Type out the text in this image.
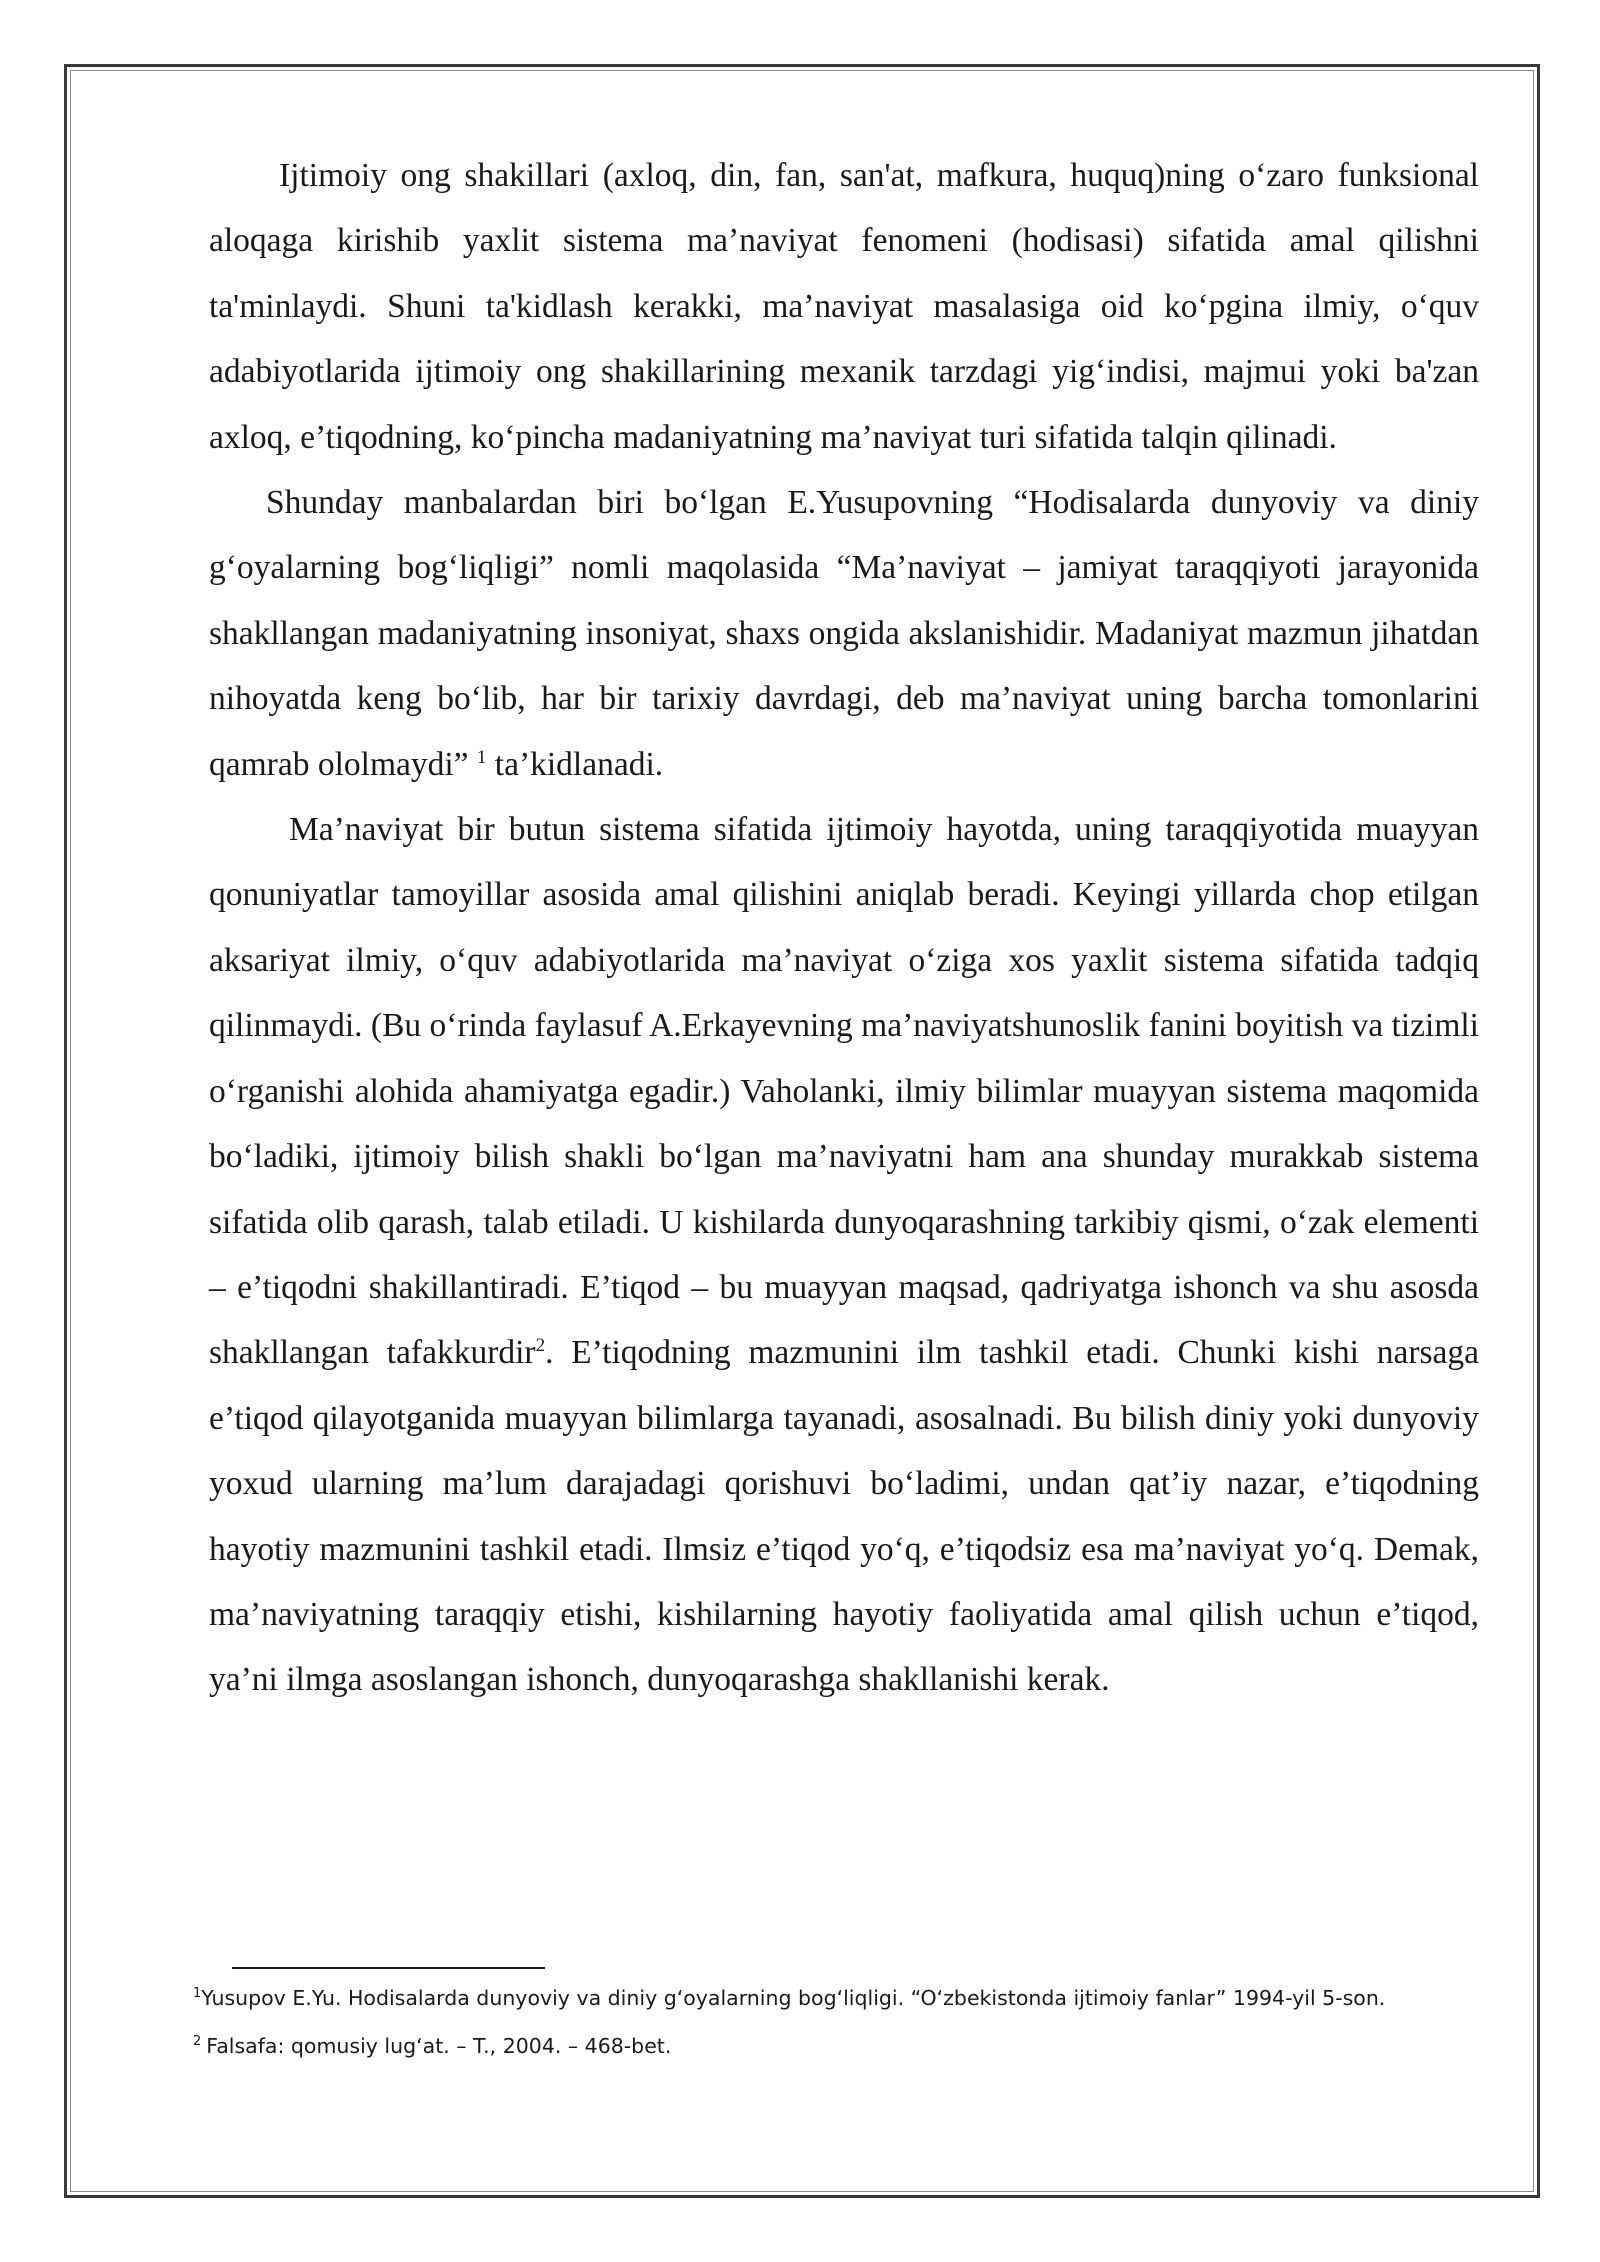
Ijtimoiy ong shakillari (axloq, din, fan, san'at, mafkura, huquq)ning o‘zaro funksional aloqaga kirishib yaxlit sistema ma’naviyat fenomeni (hodisasi) sifatida amal qilishni ta'minlaydi. Shuni ta'kidlash kerakki, ma’naviyat masalasiga oid ko‘pgina ilmiy, o‘quv adabiyotlarida ijtimoiy ong shakillarining mexanik tarzdagi yig‘indisi, majmui yoki ba'zan axloq, e’tiqodning, ko‘pincha madaniyatning ma’naviyat turi sifatida talqin qilinadi.

Shunday manbalardan biri bo‘lgan E.Yusupovning “Hodisalarda dunyoviy va diniy g‘oyalarning bog‘liqligi” nomli maqolasida “Ma’naviyat – jamiyat taraqqiyoti jarayonida shakllangan madaniyatning insoniyat, shaxs ongida akslanishidir. Madaniyat mazmun jihatdan nihoyatda keng bo‘lib, har bir tarixiy davrdagi, deb ma’naviyat uning barcha tomonlarini qamrab ololmaydi” $^1$ ta’kidlanadi.

Ma’naviyat bir butun sistema sifatida ijtimoiy hayotda, uning taraqqiyotida muayyan qonuniyatlar tamoyillar asosida amal qilishini aniqlab beradi. Keyingi yillarda chop etilgan aksariyat ilmiy, o‘quv adabiyotlarida ma’naviyat o‘ziga xos yaxlit sistema sifatida tadqiq qilinmaydi. (Bu o‘rinda faylasuf A.Erkayevning ma’naviyatshunoslik fanini boyitish va tizimli o‘rganishi alohida ahamiyatga egadir.) Vaholanki, ilmiy bilimlar muayyan sistema maqomida bo‘ladiki, ijtimoiy bilish shakli bo‘lgan ma’naviyatni ham ana shunday murakkab sistema sifatida olib qarash, talab etiladi. U kishilarda dunyoqarashning tarkibiy qismi, o‘zak elementi – e’tiqodni shakillantiradi. E’tiqod – bu muayyan maqsad, qadriyatga ishonch va shu asosda shakllangan tafakkurdir$^2$. E’tiqodning mazmunini ilm tashkil etadi. Chunki kishi narsaga e’tiqod qilayotganida muayyan bilimlarga tayanadi, asosalnadi. Bu bilish diniy yoki dunyoviy yoxud ularning ma’lum darajadagi qorishuvi bo‘ladimi, undan qat’iy nazar, e’tiqodning hayotiy mazmunini tashkil etadi. Ilmsiz e’tiqod yo‘q, e’tiqodsiz esa ma’naviyat yo‘q. Demak, ma’naviyatning taraqqiy etishi, kishilarning hayotiy faoliyatida amal qilish uchun e’tiqod, ya’ni ilmga asoslangan ishonch, dunyoqarashga shakllanishi kerak.

$^1$Yusupov E.Yu. Hodisalarda dunyoviy va diniy g‘oyalarning bog‘liqligi. “O‘zbekistonda ijtimoiy fanlar” 1994-yil 5-son.

$^2$ Falsafa: qomusiy lug‘at. – T., 2004. – 468-bet.
